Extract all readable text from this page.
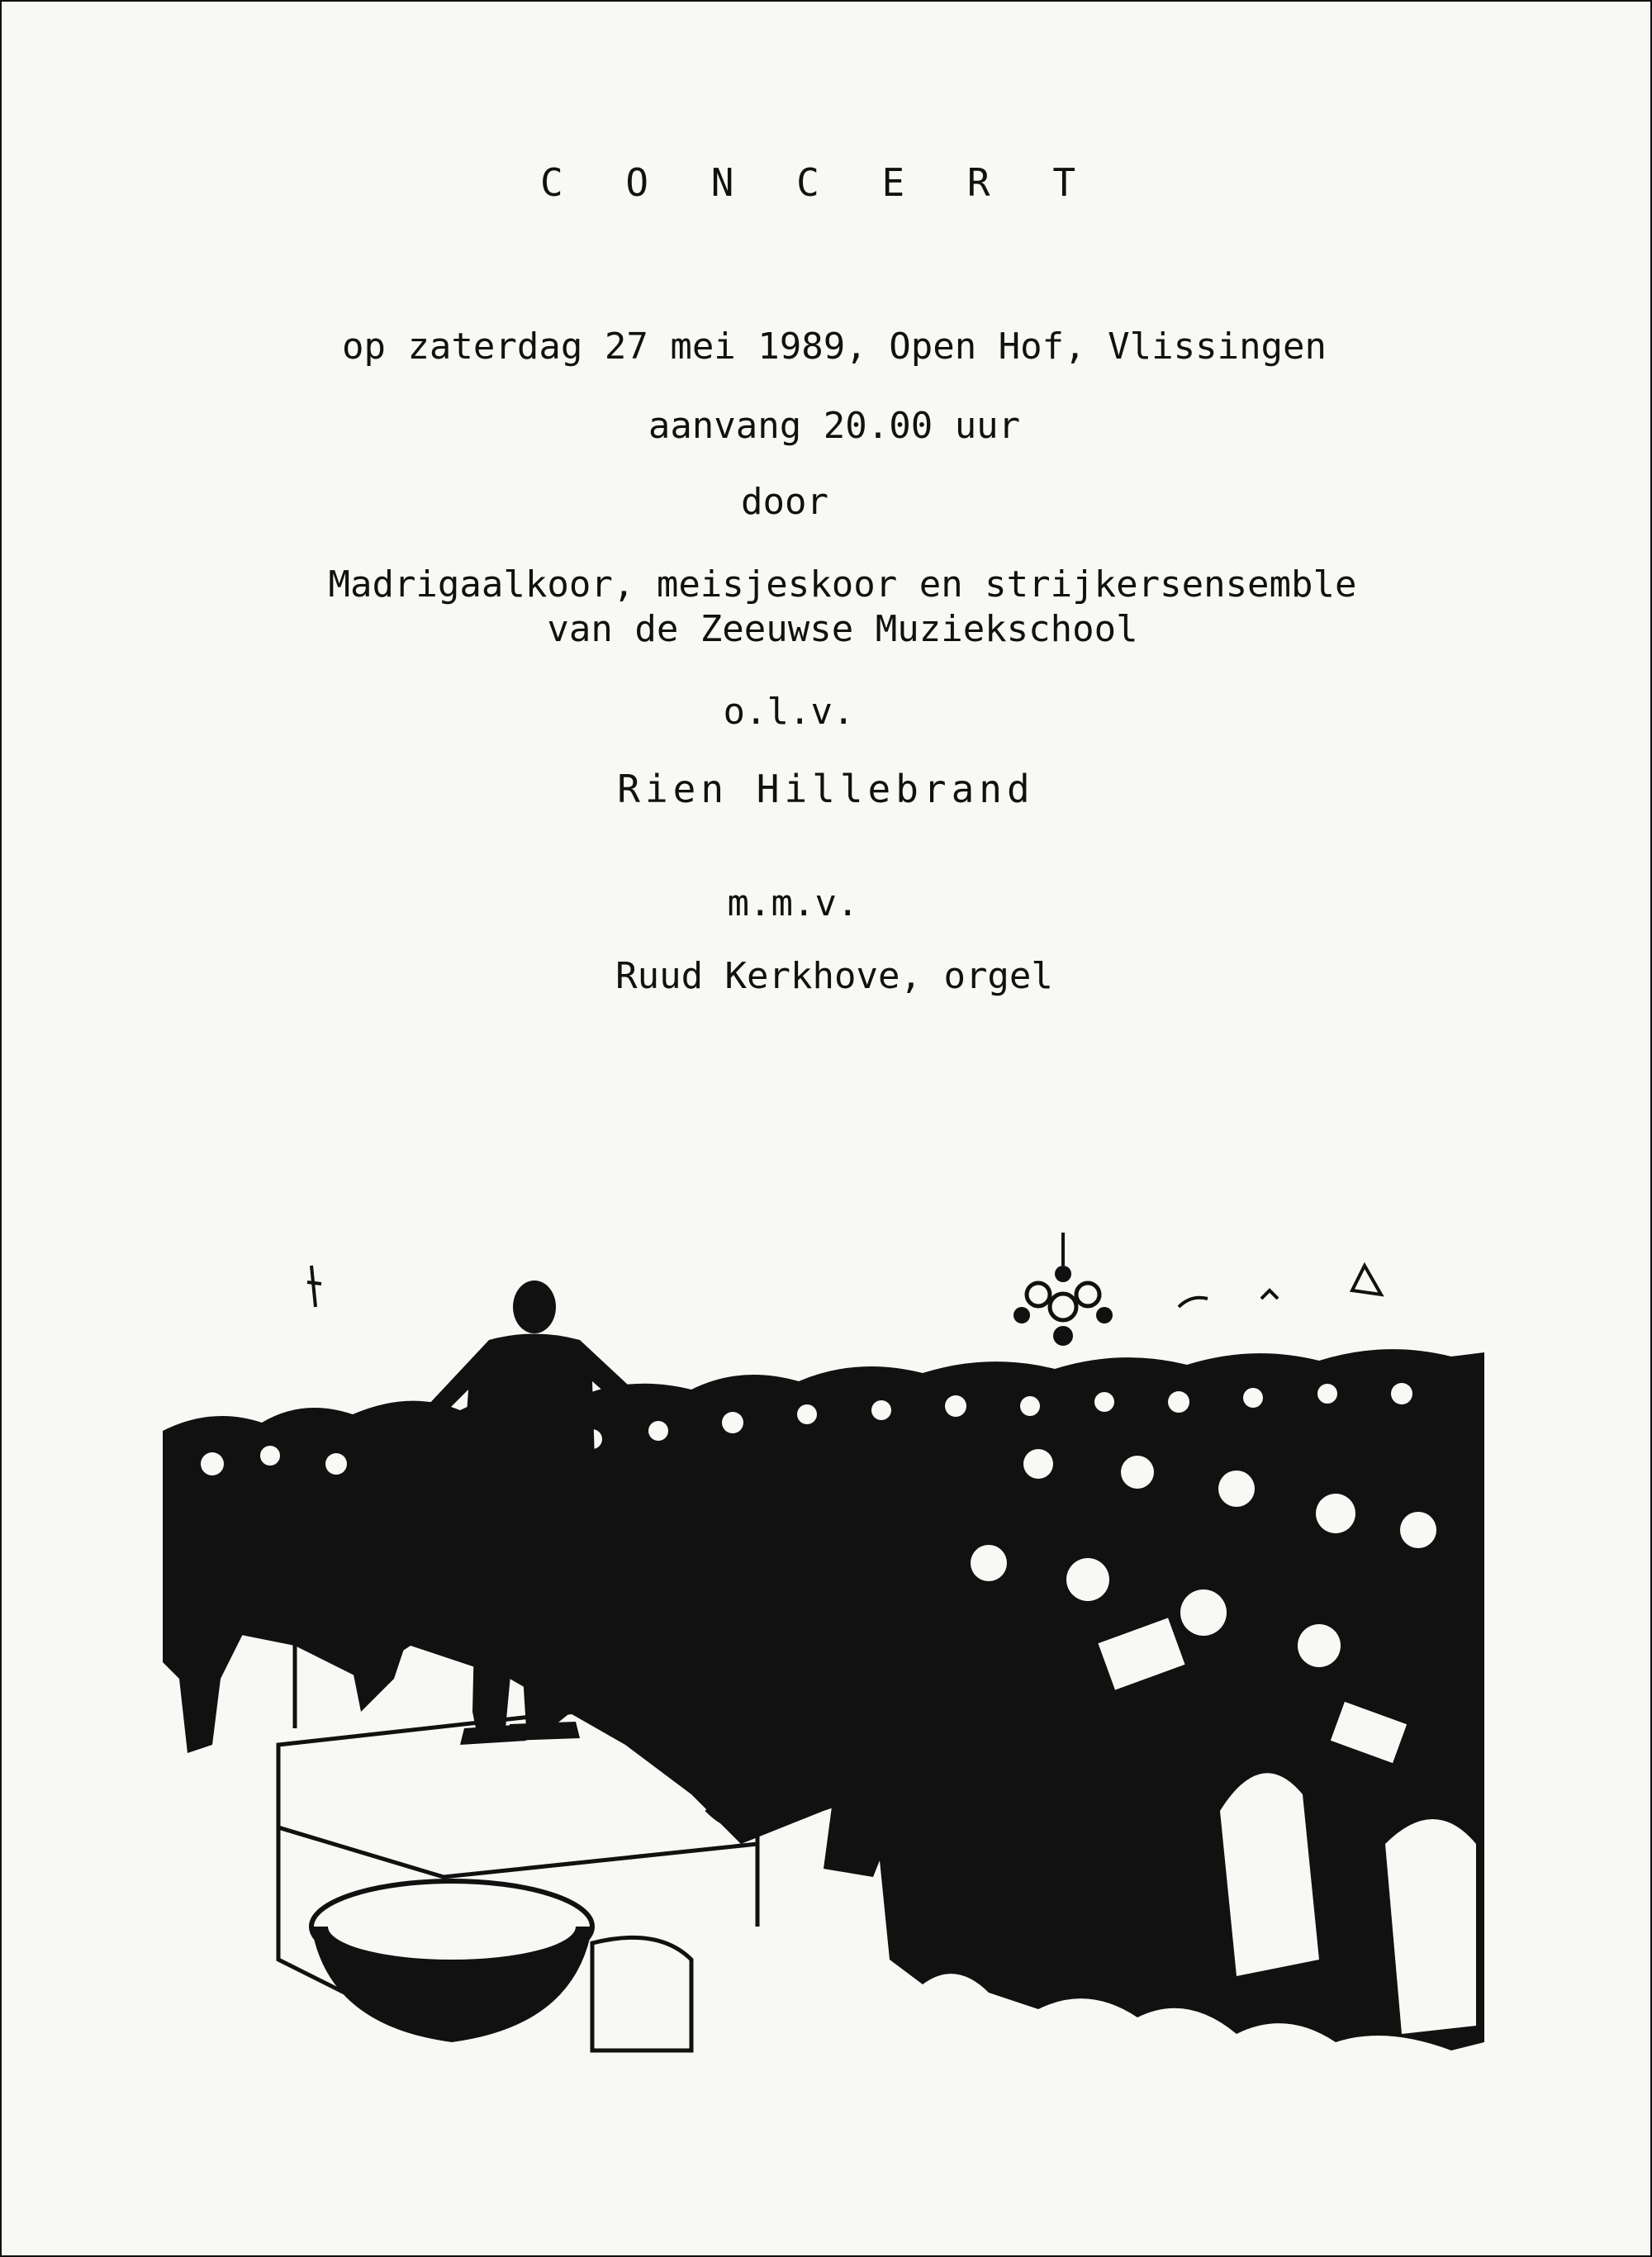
C O N C E R T
op zaterdag 27 mei 1989, Open Hof, Vlissingen
aanvang 20.00 uur
door
Madrigaalkoor, meisjeskoor en strijkersensemble
van de Zeeuwse Muziekschool
o.l.v.
Rien Hillebrand
m.m.v.
Ruud Kerkhove, orgel
